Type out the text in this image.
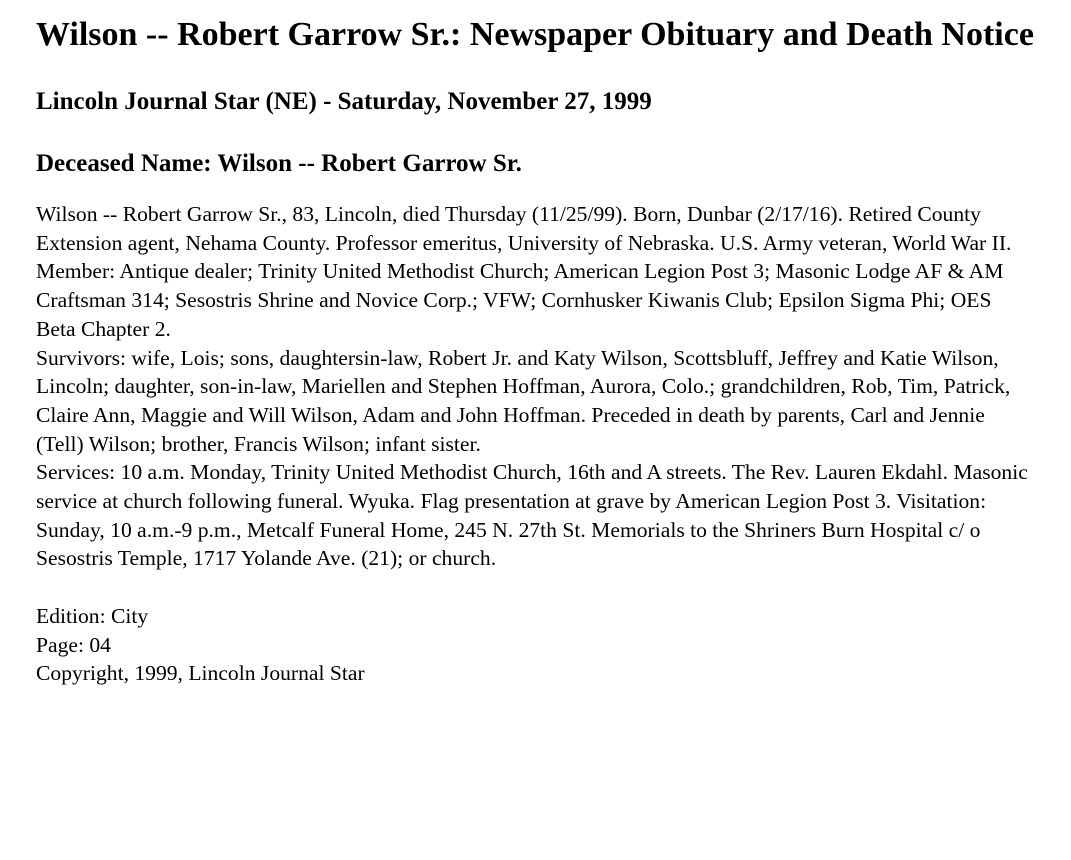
Wilson -- Robert Garrow Sr.: Newspaper Obituary and Death Notice
Lincoln Journal Star (NE) - Saturday, November 27, 1999
Deceased Name: Wilson -- Robert Garrow Sr.

Wilson -- Robert Garrow Sr., 83, Lincoln, died Thursday (11/25/99). Born, Dunbar (2/17/16). Retired County Extension agent, Nehama County. Professor emeritus, University of Nebraska. U.S. Army veteran, World War II. Member: Antique dealer; Trinity United Methodist Church; American Legion Post 3; Masonic Lodge AF & AM Craftsman 314; Sesostris Shrine and Novice Corp.; VFW; Cornhusker Kiwanis Club; Epsilon Sigma Phi; OES Beta Chapter 2.

Survivors: wife, Lois; sons, daughtersin-law, Robert Jr. and Katy Wilson, Scottsbluff, Jeffrey and Katie Wilson, Lincoln; daughter, son-in-law, Mariellen and Stephen Hoffman, Aurora, Colo.; grandchildren, Rob, Tim, Patrick, Claire Ann, Maggie and Will Wilson, Adam and John Hoffman. Preceded in death by parents, Carl and Jennie (Tell) Wilson; brother, Francis Wilson; infant sister.

Services: 10 a.m. Monday, Trinity United Methodist Church, 16th and A streets. The Rev. Lauren Ekdahl. Masonic service at church following funeral. Wyuka. Flag presentation at grave by American Legion Post 3. Visitation: Sunday, 10 a.m.-9 p.m., Metcalf Funeral Home, 245 N. 27th St. Memorials to the Shriners Burn Hospital c/ o Sesostris Temple, 1717 Yolande Ave. (21); or church.

Edition: City

Page: 04

Copyright, 1999, Lincoln Journal Star
